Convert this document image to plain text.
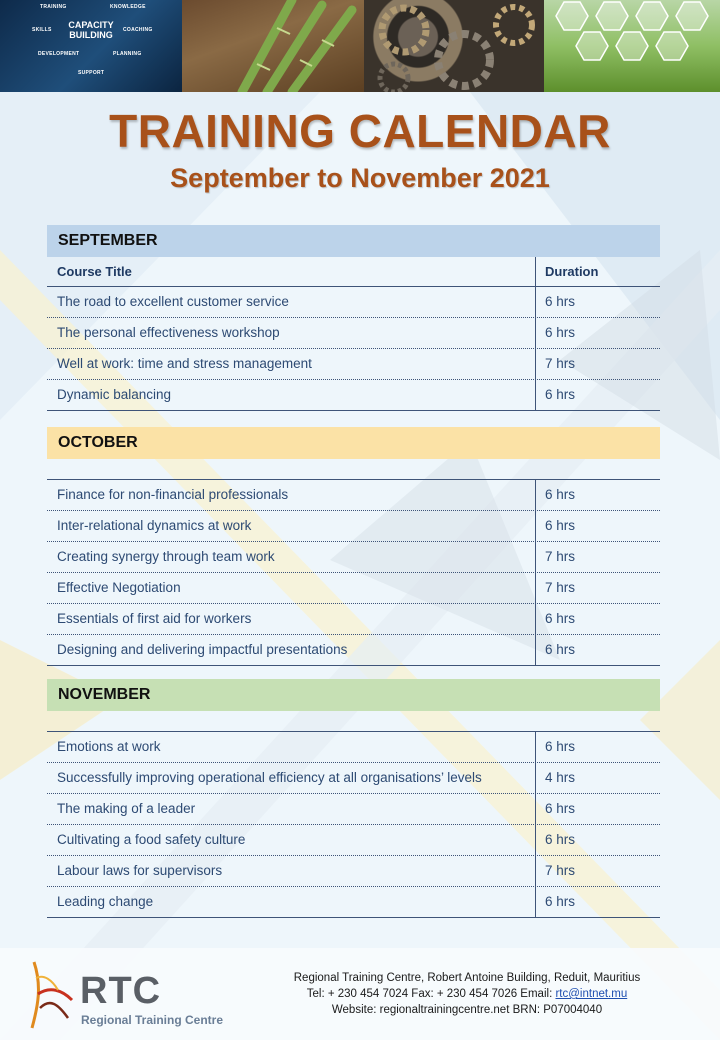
TRAINING	KNOWLEDGE
SKILLS	COACHING
DEVELOPMENT	PLANNING
SUPPORT
CAPACITY BUILDING
TRAINING CALENDAR
September to November 2021
SEPTEMBER
Course Title	Duration
The road to excellent customer service	6 hrs
The personal effectiveness workshop	6 hrs
Well at work: time and stress management	7 hrs
Dynamic balancing	6 hrs
OCTOBER
Finance for non-financial professionals	6 hrs
Inter-relational dynamics at work	6 hrs
Creating synergy through team work	7 hrs
Effective Negotiation	7 hrs
Essentials of first aid for workers	6 hrs
Designing and delivering impactful presentations	6 hrs
NOVEMBER
Emotions at work	6 hrs
Successfully improving operational efficiency at all organisations’ levels	4 hrs
The making of a leader	6 hrs
Cultivating a food safety culture	6 hrs
Labour laws for supervisors	7 hrs
Leading change	6 hrs
RTC
Regional Training Centre
Regional Training Centre, Robert Antoine Building, Reduit, Mauritius
Tel: + 230 454 7024 Fax: + 230 454 7026 Email: rtc@intnet.mu
Website: regionaltrainingcentre.net BRN: P07004040
